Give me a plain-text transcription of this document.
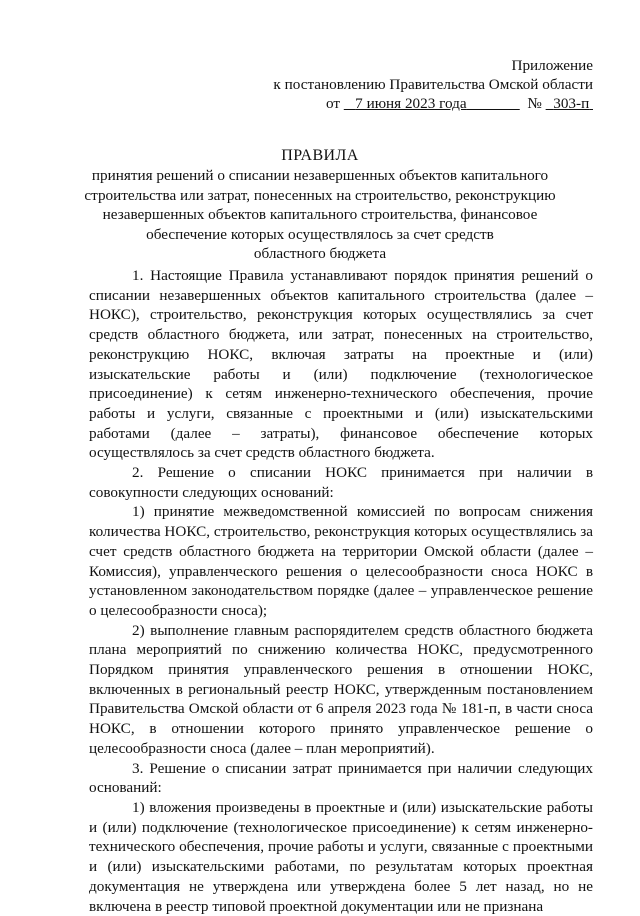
Приложение
к постановлению Правительства Омской области
от 7 июня 2023 года	№ 303-п
ПРАВИЛА
принятия решений о списании незавершенных объектов капитального
строительства или затрат, понесенных на строительство, реконструкцию
незавершенных объектов капитального строительства, финансовое
обеспечение которых осуществлялось за счет средств
областного бюджета

1. Настоящие Правила устанавливают порядок принятия решений о списании незавершенных объектов капитального строительства (далее – НОКС), строительство, реконструкция которых осуществлялись за счет средств областного бюджета, или затрат, понесенных на строительство, реконструкцию НОКС, включая затраты на проектные и (или) изыскательские работы и (или) подключение (технологическое присоединение) к сетям инженерно-технического обеспечения, прочие работы и услуги, связанные с проектными и (или) изыскательскими работами (далее – затраты), финансовое обеспечение которых осуществлялось за счет средств областного бюджета.

2. Решение о списании НОКС принимается при наличии в совокупности следующих оснований:

1) принятие межведомственной комиссией по вопросам снижения количества НОКС, строительство, реконструкция которых осуществлялись за счет средств областного бюджета на территории Омской области (далее – Комиссия), управленческого решения о целесообразности сноса НОКС в установленном законодательством порядке (далее – управленческое решение о целесообразности сноса);

2) выполнение главным распорядителем средств областного бюджета плана мероприятий по снижению количества НОКС, предусмотренного Порядком принятия управленческого решения в отношении НОКС, включенных в региональный реестр НОКС, утвержденным постановлением Правительства Омской области от 6 апреля 2023 года № 181-п, в части сноса НОКС, в отношении которого принято управленческое решение о целесообразности сноса (далее – план мероприятий).

3. Решение о списании затрат принимается при наличии следующих оснований:

1) вложения произведены в проектные и (или) изыскательские работы и (или) подключение (технологическое присоединение) к сетям инженерно-технического обеспечения, прочие работы и услуги, связанные с проектными и (или) изыскательскими работами, по результатам которых проектная документация не утверждена или утверждена более 5 лет назад, но не включена в реестр типовой проектной документации или не признана
